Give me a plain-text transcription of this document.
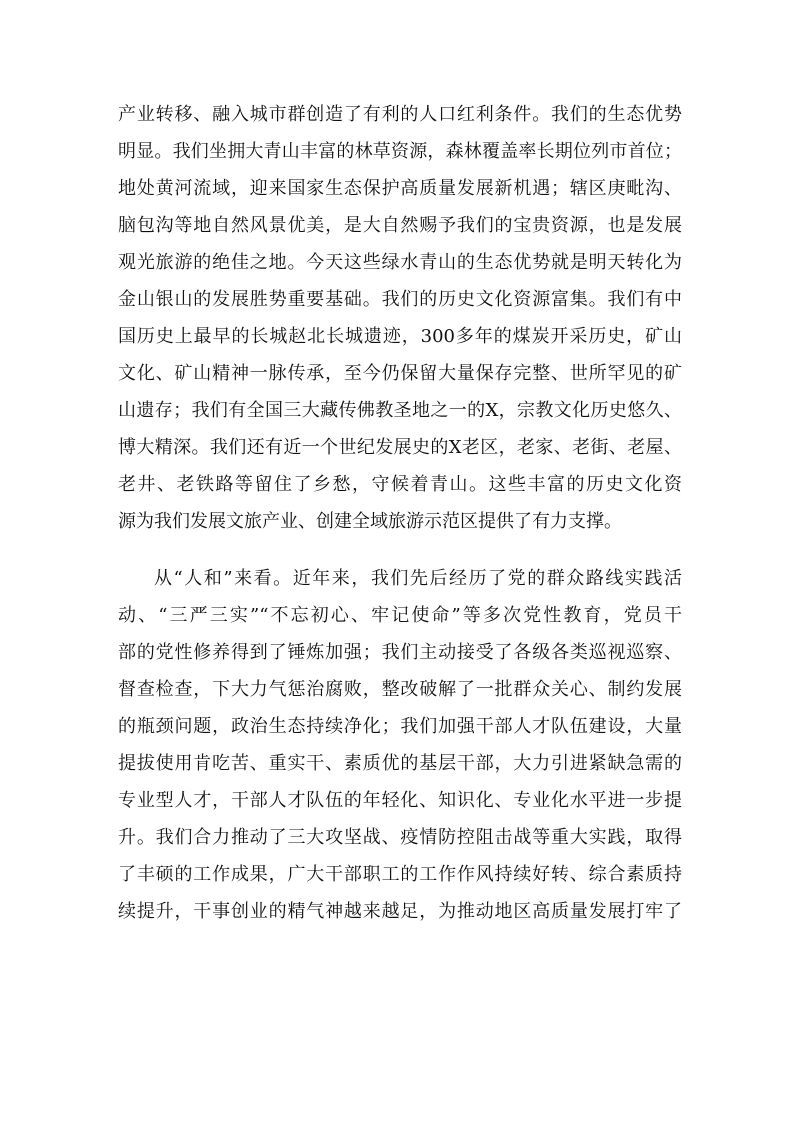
产业转移、融入城市群创造了有利的人口红利条件。我们的生态优势
明显。我们坐拥大青山丰富的林草资源，森林覆盖率长期位列市首位；
地处黄河流域，迎来国家生态保护高质量发展新机遇；辖区庚毗沟、
脑包沟等地自然风景优美，是大自然赐予我们的宝贵资源，也是发展
观光旅游的绝佳之地。今天这些绿水青山的生态优势就是明天转化为
金山银山的发展胜势重要基础。我们的历史文化资源富集。我们有中
国历史上最早的长城赵北长城遗迹，300多年的煤炭开采历史，矿山
文化、矿山精神一脉传承，至今仍保留大量保存完整、世所罕见的矿
山遗存；我们有全国三大藏传佛教圣地之一的X，宗教文化历史悠久、
博大精深。我们还有近一个世纪发展史的X老区，老家、老街、老屋、
老井、老铁路等留住了乡愁，守候着青山。这些丰富的历史文化资
源为我们发展文旅产业、创建全域旅游示范区提供了有力支撑。
从“人和”来看。近年来，我们先后经历了党的群众路线实践活
动、“三严三实”“不忘初心、牢记使命”等多次党性教育，党员干
部的党性修养得到了锤炼加强；我们主动接受了各级各类巡视巡察、
督查检查，下大力气惩治腐败，整改破解了一批群众关心、制约发展
的瓶颈问题，政治生态持续净化；我们加强干部人才队伍建设，大量
提拔使用肯吃苦、重实干、素质优的基层干部，大力引进紧缺急需的
专业型人才，干部人才队伍的年轻化、知识化、专业化水平进一步提
升。我们合力推动了三大攻坚战、疫情防控阻击战等重大实践，取得
了丰硕的工作成果，广大干部职工的工作作风持续好转、综合素质持
续提升，干事创业的精气神越来越足，为推动地区高质量发展打牢了
